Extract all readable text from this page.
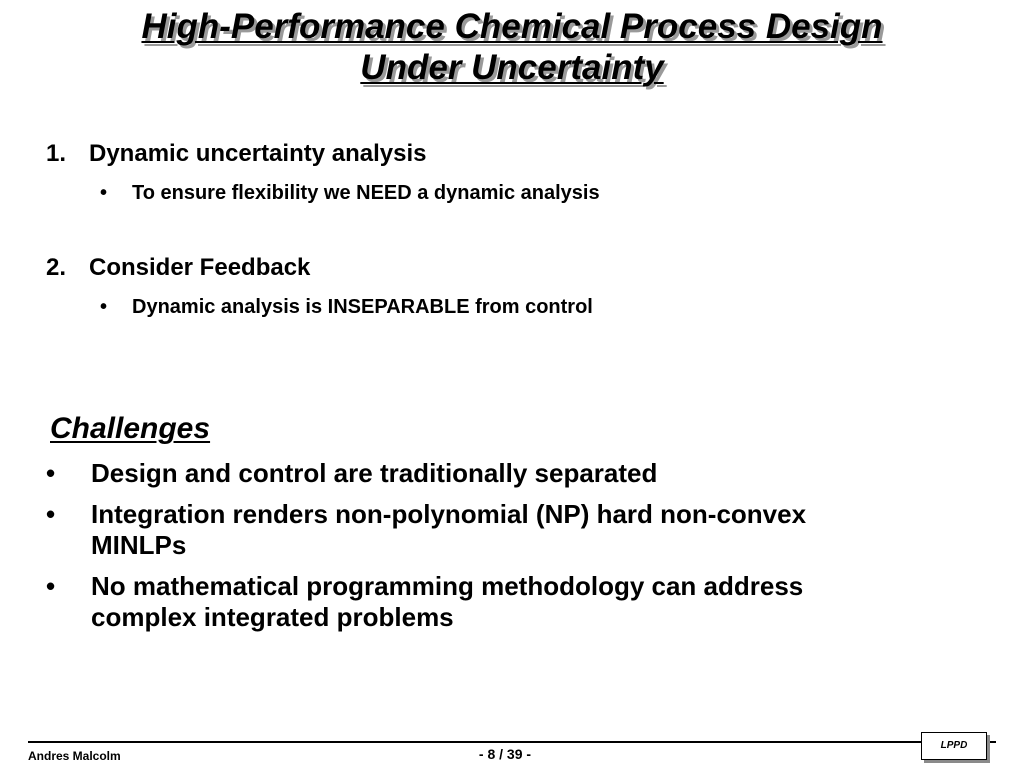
High-Performance Chemical Process Design
Under Uncertainty
1. Dynamic uncertainty analysis
• To ensure flexibility we NEED a dynamic analysis
2. Consider Feedback
• Dynamic analysis is INSEPARABLE from control
Challenges
•	Design and control are traditionally separated
•	Integration renders non-polynomial (NP) hard non-convex MINLPs
•	No mathematical programming methodology can address complex integrated problems
Andres Malcolm	- 8 / 39 -
LPPD
